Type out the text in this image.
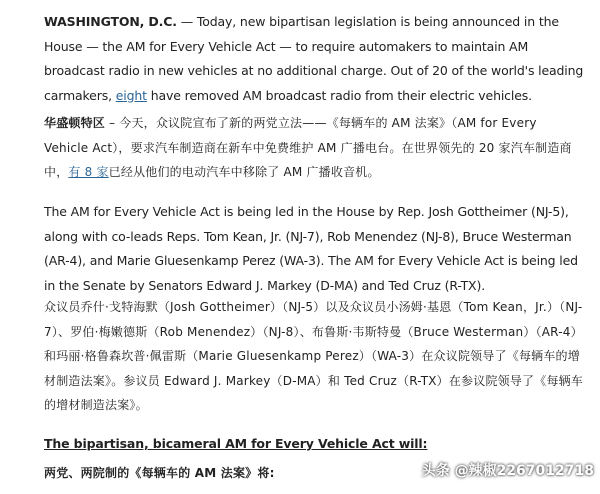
WASHINGTON, D.C. — Today, new bipartisan legislation is being announced in the House — the AM for Every Vehicle Act — to require automakers to maintain AM broadcast radio in new vehicles at no additional charge. Out of 20 of the world's leading carmakers, eight have removed AM broadcast radio from their electric vehicles.

华盛顿特区 – 今天，众议院宣布了新的两党立法——《每辆车的 AM 法案》（AM for Every Vehicle Act），要求汽车制造商在新车中免费维护 AM 广播电台。在世界领先的 20 家汽车制造商中，有 8 家已经从他们的电动汽车中移除了 AM 广播收音机。

The AM for Every Vehicle Act is being led in the House by Rep. Josh Gottheimer (NJ-5), along with co-leads Reps. Tom Kean, Jr. (NJ-7), Rob Menendez (NJ-8), Bruce Westerman (AR-4), and Marie Gluesenkamp Perez (WA-3). The AM for Every Vehicle Act is being led in the Senate by Senators Edward J. Markey (D-MA) and Ted Cruz (R-TX).

众议员乔什·戈特海默（Josh Gottheimer）（NJ-5）以及众议员小汤姆·基恩（Tom Kean，Jr.）（NJ-7）、罗伯·梅嫩德斯（Rob Menendez）（NJ-8）、布鲁斯·韦斯特曼（Bruce Westerman）（AR-4）和玛丽·格鲁森坎普·佩雷斯（Marie Gluesenkamp Perez）（WA-3）在众议院领导了《每辆车的增材制造法案》。参议员 Edward J. Markey（D-MA）和 Ted Cruz（R-TX）在参议院领导了《每辆车的增材制造法案》。

The bipartisan, bicameral AM for Every Vehicle Act will:

两党、两院制的《每辆车的 AM 法案》将:	头条 @辣椒2267012718
